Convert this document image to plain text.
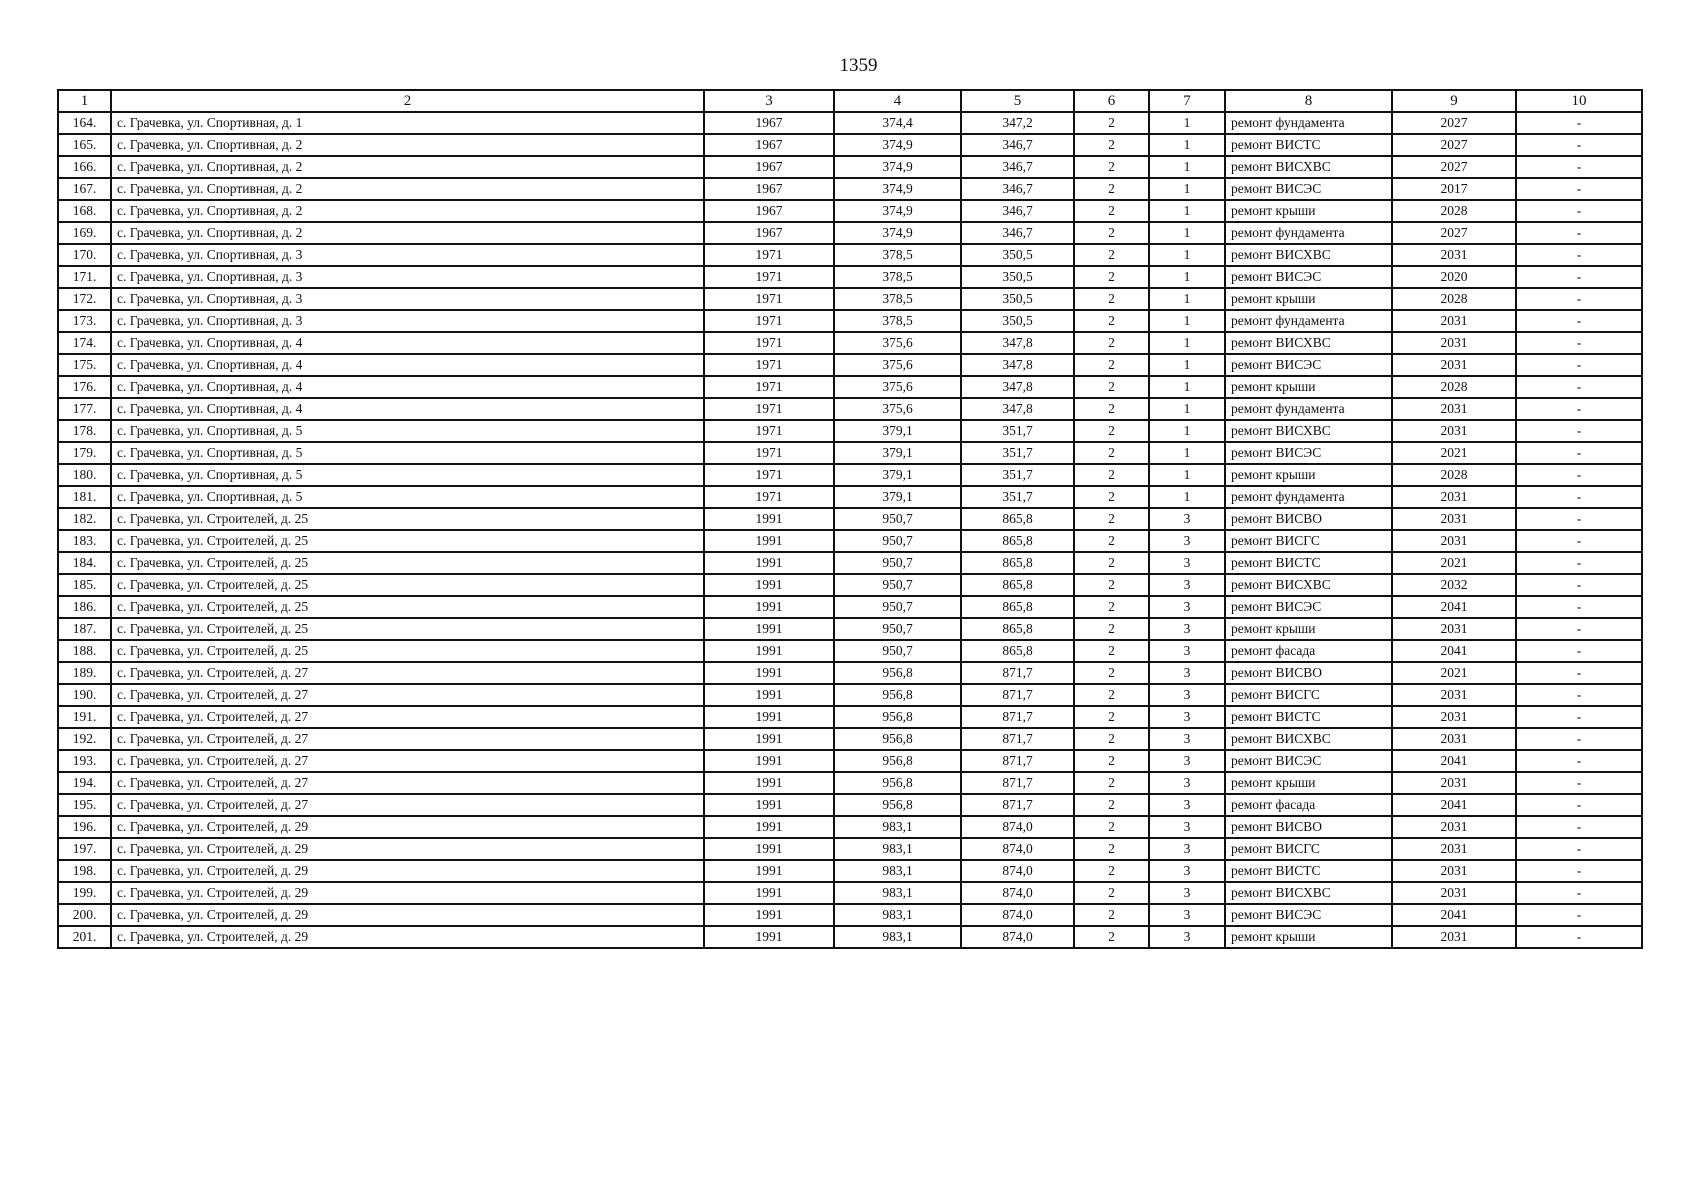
1359
1	2	3	4	5	6	7	8	9	10
164.	с. Грачевка, ул. Спортивная, д. 1	1967	374,4	347,2	2	1	ремонт фундамента	2027	-
165.	с. Грачевка, ул. Спортивная, д. 2	1967	374,9	346,7	2	1	ремонт ВИСТС	2027	-
166.	с. Грачевка, ул. Спортивная, д. 2	1967	374,9	346,7	2	1	ремонт ВИСХВС	2027	-
167.	с. Грачевка, ул. Спортивная, д. 2	1967	374,9	346,7	2	1	ремонт ВИСЭС	2017	-
168.	с. Грачевка, ул. Спортивная, д. 2	1967	374,9	346,7	2	1	ремонт крыши	2028	-
169.	с. Грачевка, ул. Спортивная, д. 2	1967	374,9	346,7	2	1	ремонт фундамента	2027	-
170.	с. Грачевка, ул. Спортивная, д. 3	1971	378,5	350,5	2	1	ремонт ВИСХВС	2031	-
171.	с. Грачевка, ул. Спортивная, д. 3	1971	378,5	350,5	2	1	ремонт ВИСЭС	2020	-
172.	с. Грачевка, ул. Спортивная, д. 3	1971	378,5	350,5	2	1	ремонт крыши	2028	-
173.	с. Грачевка, ул. Спортивная, д. 3	1971	378,5	350,5	2	1	ремонт фундамента	2031	-
174.	с. Грачевка, ул. Спортивная, д. 4	1971	375,6	347,8	2	1	ремонт ВИСХВС	2031	-
175.	с. Грачевка, ул. Спортивная, д. 4	1971	375,6	347,8	2	1	ремонт ВИСЭС	2031	-
176.	с. Грачевка, ул. Спортивная, д. 4	1971	375,6	347,8	2	1	ремонт крыши	2028	-
177.	с. Грачевка, ул. Спортивная, д. 4	1971	375,6	347,8	2	1	ремонт фундамента	2031	-
178.	с. Грачевка, ул. Спортивная, д. 5	1971	379,1	351,7	2	1	ремонт ВИСХВС	2031	-
179.	с. Грачевка, ул. Спортивная, д. 5	1971	379,1	351,7	2	1	ремонт ВИСЭС	2021	-
180.	с. Грачевка, ул. Спортивная, д. 5	1971	379,1	351,7	2	1	ремонт крыши	2028	-
181.	с. Грачевка, ул. Спортивная, д. 5	1971	379,1	351,7	2	1	ремонт фундамента	2031	-
182.	с. Грачевка, ул. Строителей, д. 25	1991	950,7	865,8	2	3	ремонт ВИСВО	2031	-
183.	с. Грачевка, ул. Строителей, д. 25	1991	950,7	865,8	2	3	ремонт ВИСГС	2031	-
184.	с. Грачевка, ул. Строителей, д. 25	1991	950,7	865,8	2	3	ремонт ВИСТС	2021	-
185.	с. Грачевка, ул. Строителей, д. 25	1991	950,7	865,8	2	3	ремонт ВИСХВС	2032	-
186.	с. Грачевка, ул. Строителей, д. 25	1991	950,7	865,8	2	3	ремонт ВИСЭС	2041	-
187.	с. Грачевка, ул. Строителей, д. 25	1991	950,7	865,8	2	3	ремонт крыши	2031	-
188.	с. Грачевка, ул. Строителей, д. 25	1991	950,7	865,8	2	3	ремонт фасада	2041	-
189.	с. Грачевка, ул. Строителей, д. 27	1991	956,8	871,7	2	3	ремонт ВИСВО	2021	-
190.	с. Грачевка, ул. Строителей, д. 27	1991	956,8	871,7	2	3	ремонт ВИСГС	2031	-
191.	с. Грачевка, ул. Строителей, д. 27	1991	956,8	871,7	2	3	ремонт ВИСТС	2031	-
192.	с. Грачевка, ул. Строителей, д. 27	1991	956,8	871,7	2	3	ремонт ВИСХВС	2031	-
193.	с. Грачевка, ул. Строителей, д. 27	1991	956,8	871,7	2	3	ремонт ВИСЭС	2041	-
194.	с. Грачевка, ул. Строителей, д. 27	1991	956,8	871,7	2	3	ремонт крыши	2031	-
195.	с. Грачевка, ул. Строителей, д. 27	1991	956,8	871,7	2	3	ремонт фасада	2041	-
196.	с. Грачевка, ул. Строителей, д. 29	1991	983,1	874,0	2	3	ремонт ВИСВО	2031	-
197.	с. Грачевка, ул. Строителей, д. 29	1991	983,1	874,0	2	3	ремонт ВИСГС	2031	-
198.	с. Грачевка, ул. Строителей, д. 29	1991	983,1	874,0	2	3	ремонт ВИСТС	2031	-
199.	с. Грачевка, ул. Строителей, д. 29	1991	983,1	874,0	2	3	ремонт ВИСХВС	2031	-
200.	с. Грачевка, ул. Строителей, д. 29	1991	983,1	874,0	2	3	ремонт ВИСЭС	2041	-
201.	с. Грачевка, ул. Строителей, д. 29	1991	983,1	874,0	2	3	ремонт крыши	2031	-
